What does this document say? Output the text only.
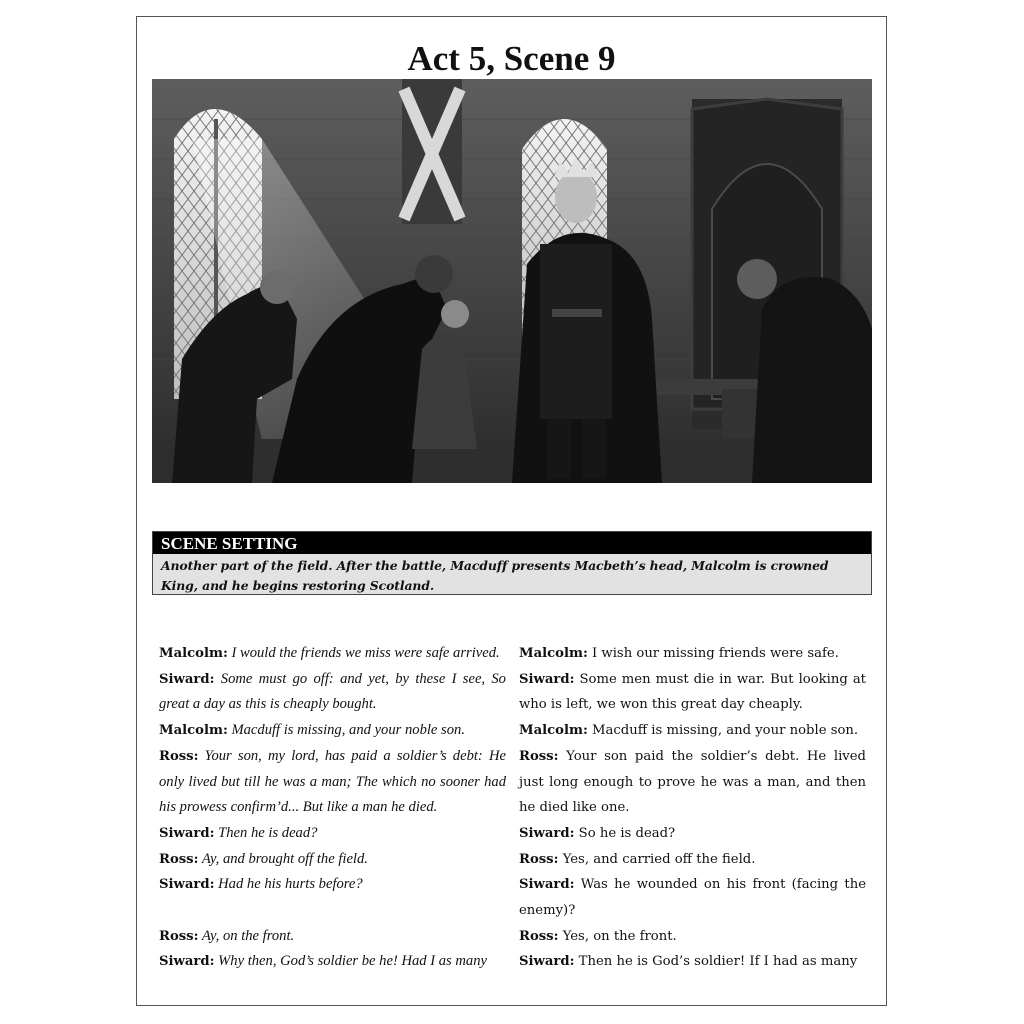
Act 5, Scene 9
SCENE SETTING
Another part of the field. After the battle, Macduff presents Macbeth’s head, Malcolm is crowned King, and he begins restoring Scotland.

Malcolm: I would the friends we miss were safe arrived.

Siward: Some must go off: and yet, by these I see, So great a day as this is cheaply bought.

Malcolm: Macduff is missing, and your noble son.

Ross: Your son, my lord, has paid a soldier’s debt: He only lived but till he was a man; The which no sooner had his prowess confirm’d... But like a man he died.

Siward: Then he is dead?

Ross: Ay, and brought off the field.

Siward: Had he his hurts before?

Ross: Ay, on the front.

Siward: Why then, God’s soldier be he! Had I as many

Malcolm: I wish our missing friends were safe.

Siward: Some men must die in war. But looking at who is left, we won this great day cheaply.

Malcolm: Macduff is missing, and your noble son.

Ross: Your son paid the soldier’s debt. He lived just long enough to prove he was a man, and then he died like one.

Siward: So he is dead?

Ross: Yes, and carried off the field.

Siward: Was he wounded on his front (facing the enemy)?

Ross: Yes, on the front.

Siward: Then he is God’s soldier! If I had as many
